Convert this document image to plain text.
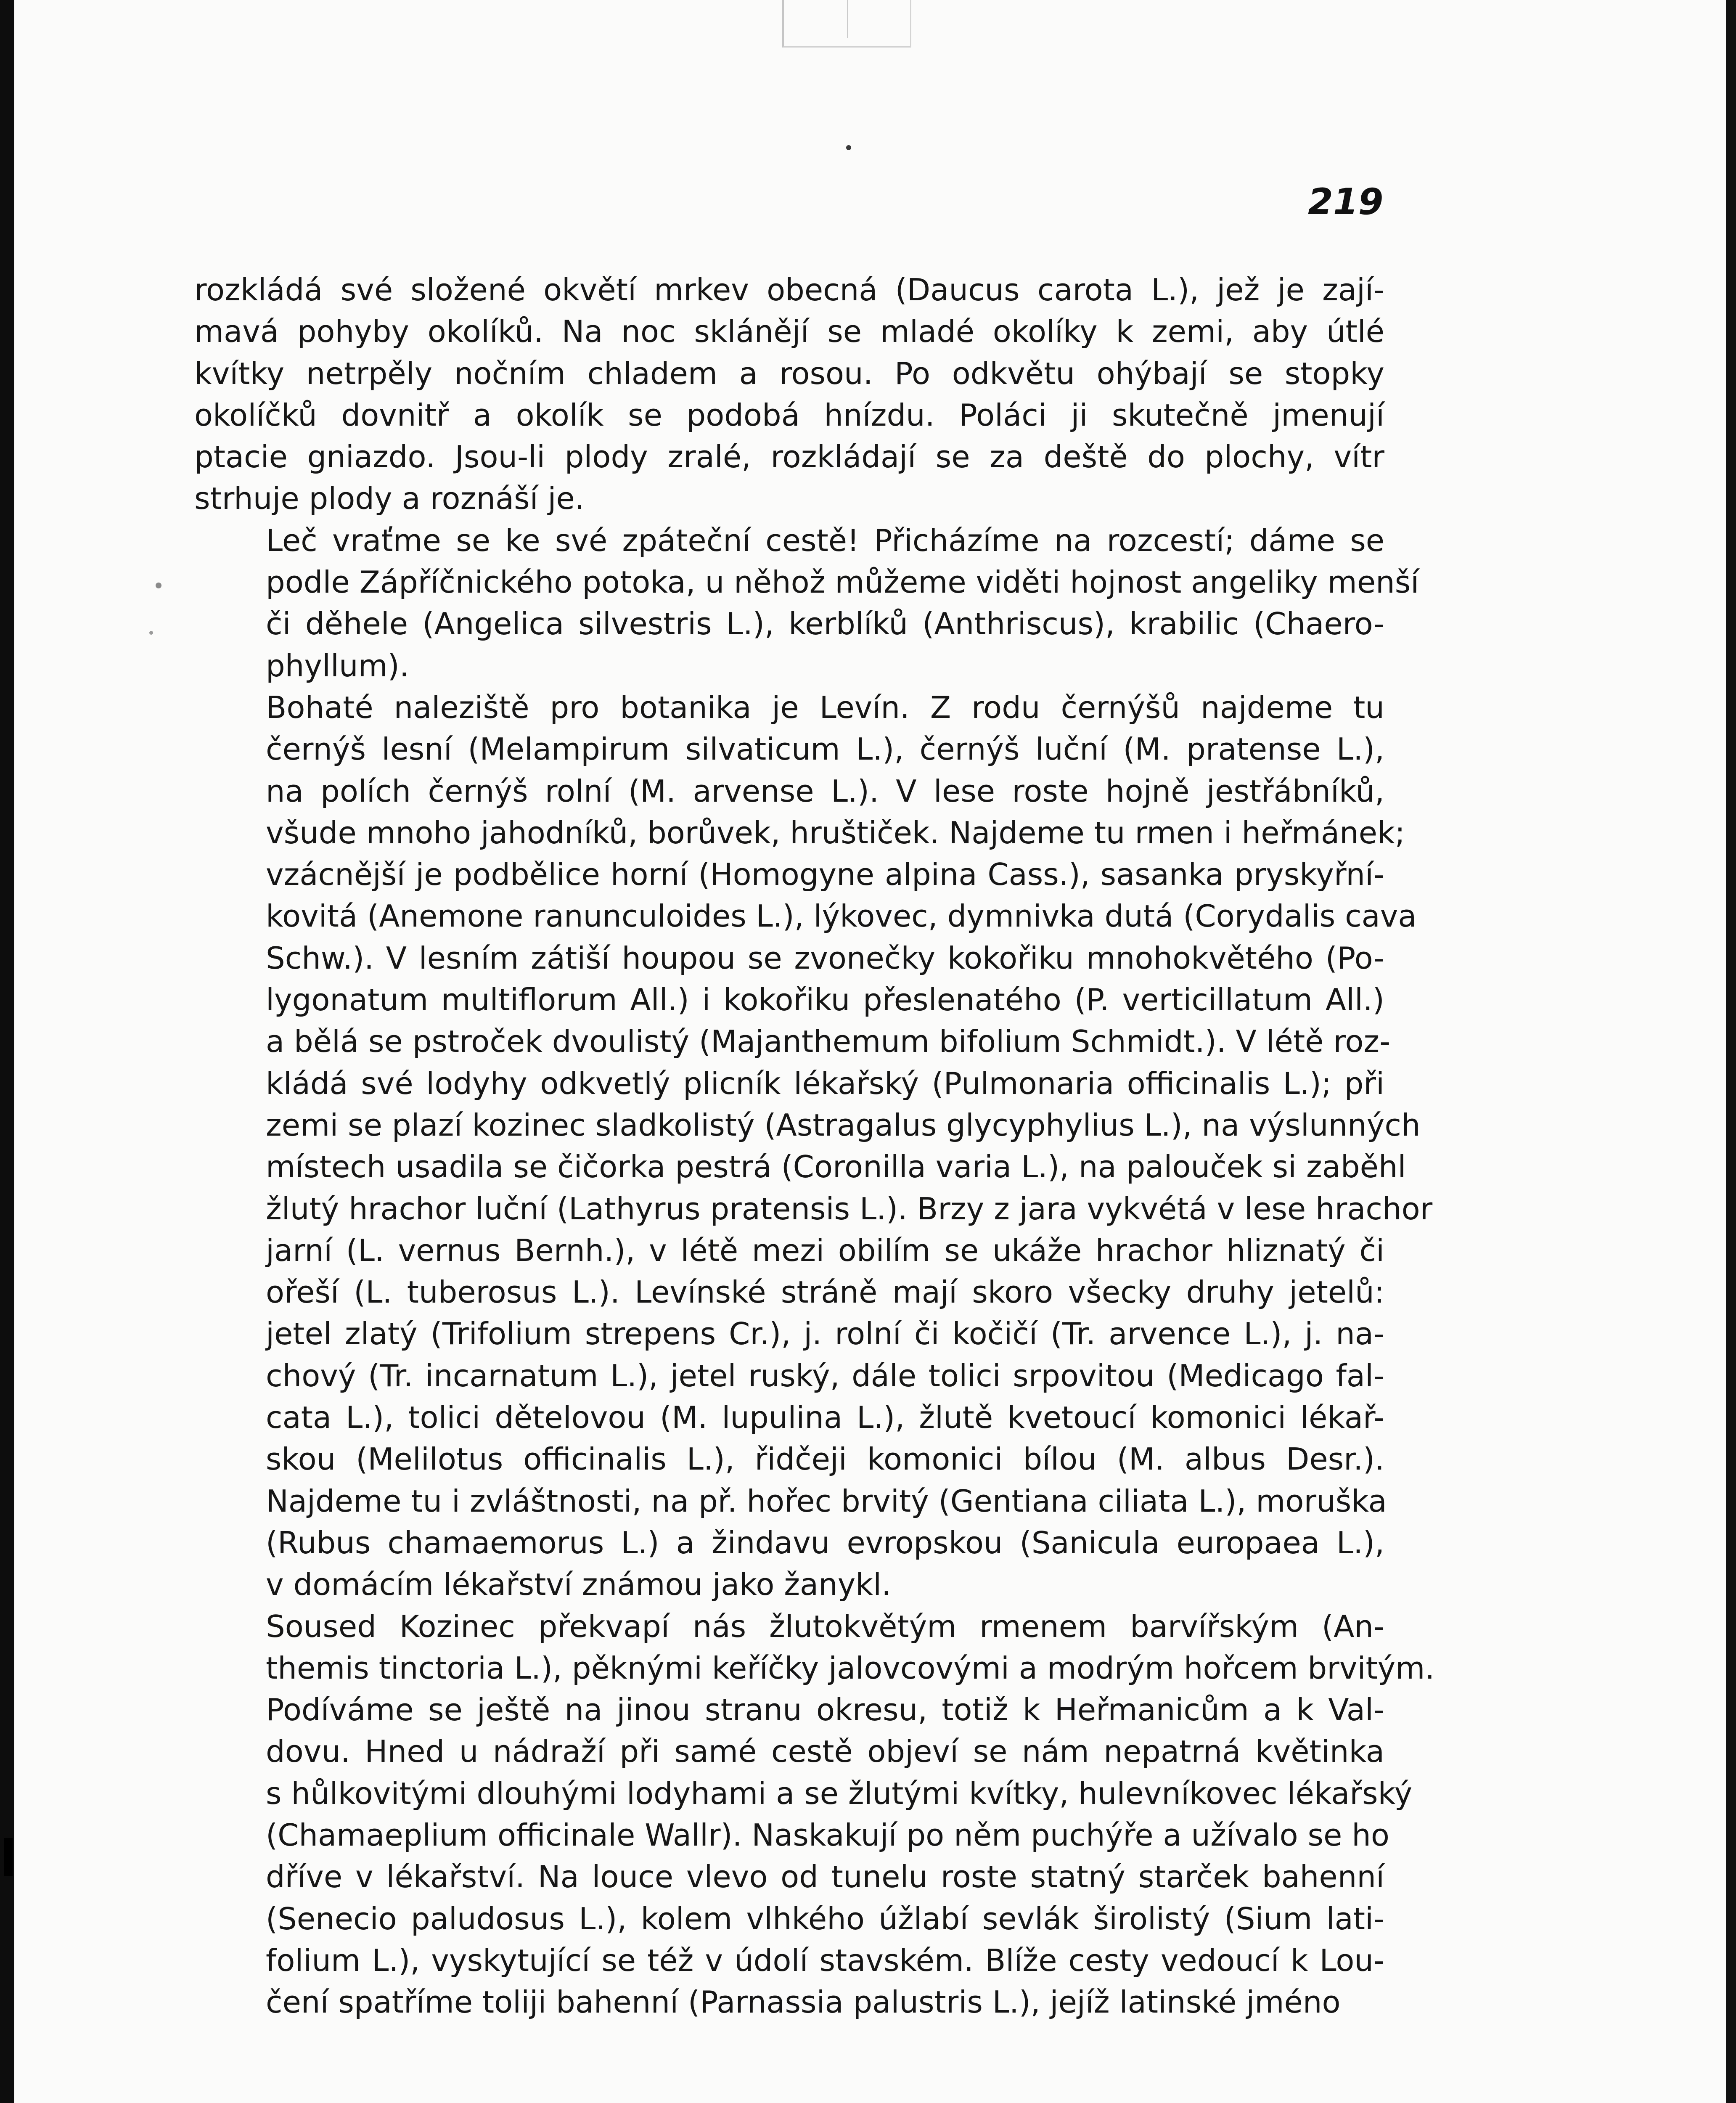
219

rozkládá své složené okvětí mrkev obecná (Daucus carota L.), jež je zají-
mavá pohyby okolíků. Na noc sklánějí se mladé okolíky k zemi, aby útlé
kvítky netrpěly nočním chladem a rosou. Po odkvětu ohýbají se stopky
okolíčků dovnitř a okolík se podobá hnízdu. Poláci ji skutečně jmenují
ptacie gniazdo. Jsou-li plody zralé, rozkládají se za deště do plochy, vítr
strhuje plody a roznáší je.

Leč vraťme se ke své zpáteční cestě! Přicházíme na rozcestí; dáme se
podle Zápříčnického potoka, u něhož můžeme viděti hojnost angeliky menší
či děhele (Angelica silvestris L.), kerblíků (Anthriscus), krabilic (Chaero-
phyllum).

Bohaté naleziště pro botanika je Levín. Z rodu černýšů najdeme tu
černýš lesní (Melampirum silvaticum L.), černýš luční (M. pratense L.),
na polích černýš rolní (M. arvense L.). V lese roste hojně jestřábníků,
všude mnoho jahodníků, borůvek, hruštiček. Najdeme tu rmen i heřmánek;
vzácnější je podbělice horní (Homogyne alpina Cass.), sasanka pryskyřní-
kovitá (Anemone ranunculoides L.), lýkovec, dymnivka dutá (Corydalis cava
Schw.). V lesním zátiší houpou se zvonečky kokořiku mnohokvětého (Po-
lygonatum multiflorum All.) i kokořiku přeslenatého (P. verticillatum All.)
a bělá se pstroček dvoulistý (Majanthemum bifolium Schmidt.). V létě roz-
kládá své lodyhy odkvetlý plicník lékařský (Pulmonaria officinalis L.); při
zemi se plazí kozinec sladkolistý (Astragalus glycyphylius L.), na výslunných
místech usadila se čičorka pestrá (Coronilla varia L.), na palouček si zaběhl
žlutý hrachor luční (Lathyrus pratensis L.). Brzy z jara vykvétá v lese hrachor
jarní (L. vernus Bernh.), v létě mezi obilím se ukáže hrachor hliznatý či
ořeší (L. tuberosus L.). Levínské stráně mají skoro všecky druhy jetelů:
jetel zlatý (Trifolium strepens Cr.), j. rolní či kočičí (Tr. arvence L.), j. na-
chový (Tr. incarnatum L.), jetel ruský, dále tolici srpovitou (Medicago fal-
cata L.), tolici dětelovou (M. lupulina L.), žlutě kvetoucí komonici lékař-
skou (Melilotus officinalis L.), řidčeji komonici bílou (M. albus Desr.).
Najdeme tu i zvláštnosti, na př. hořec brvitý (Gentiana ciliata L.), moruška
(Rubus chamaemorus L.) a žindavu evropskou (Sanicula europaea L.),
v domácím lékařství známou jako žanykl.

Soused Kozinec překvapí nás žlutokvětým rmenem barvířským (An-
themis tinctoria L.), pěknými keříčky jalovcovými a modrým hořcem brvitým.

Podíváme se ještě na jinou stranu okresu, totiž k Heřmanicům a k Val-
dovu. Hned u nádraží při samé cestě objeví se nám nepatrná květinka
s hůlkovitými dlouhými lodyhami a se žlutými kvítky, hulevníkovec lékařský
(Chamaeplium officinale Wallr). Naskakují po něm puchýře a užívalo se ho
dříve v lékařství. Na louce vlevo od tunelu roste statný starček bahenní
(Senecio paludosus L.), kolem vlhkého úžlabí sevlák širolistý (Sium lati-
folium L.), vyskytující se též v údolí stavském. Blíže cesty vedoucí k Lou-
čení spatříme toliji bahenní (Parnassia palustris L.), jejíž latinské jméno
